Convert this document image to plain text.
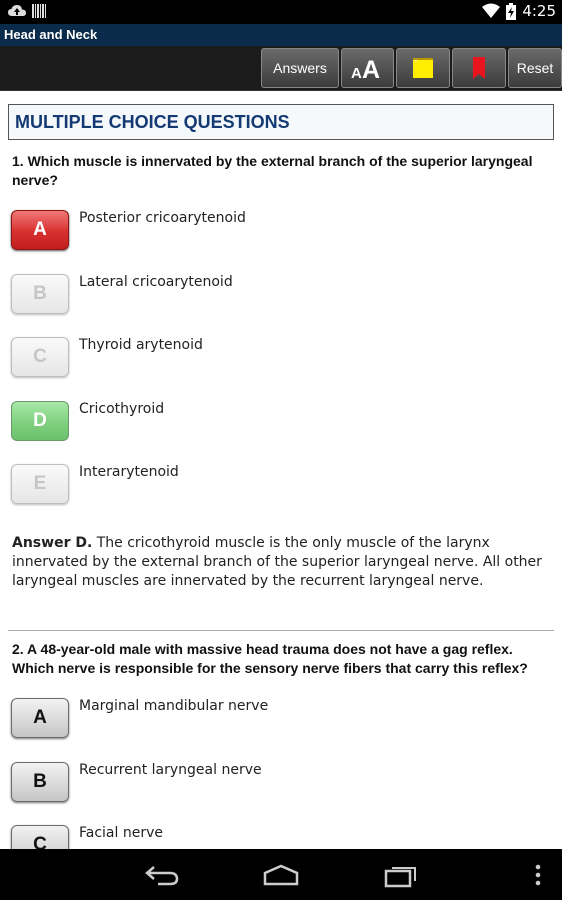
4:25
Head and Neck
Answers	A A	Reset
MULTIPLE CHOICE QUESTIONS
1. Which muscle is innervated by the external branch of the superior laryngeal nerve?
A
Posterior cricoarytenoid
B
Lateral cricoarytenoid
C
Thyroid arytenoid
D
Cricothyroid
E
Interarytenoid
Answer D. The cricothyroid muscle is the only muscle of the larynx innervated by the external branch of the superior laryngeal nerve. All other laryngeal muscles are innervated by the recurrent laryngeal nerve.
2. A 48-year-old male with massive head trauma does not have a gag reflex. Which nerve is responsible for the sensory nerve fibers that carry this reflex?
A
Marginal mandibular nerve
B
Recurrent laryngeal nerve
C
Facial nerve
